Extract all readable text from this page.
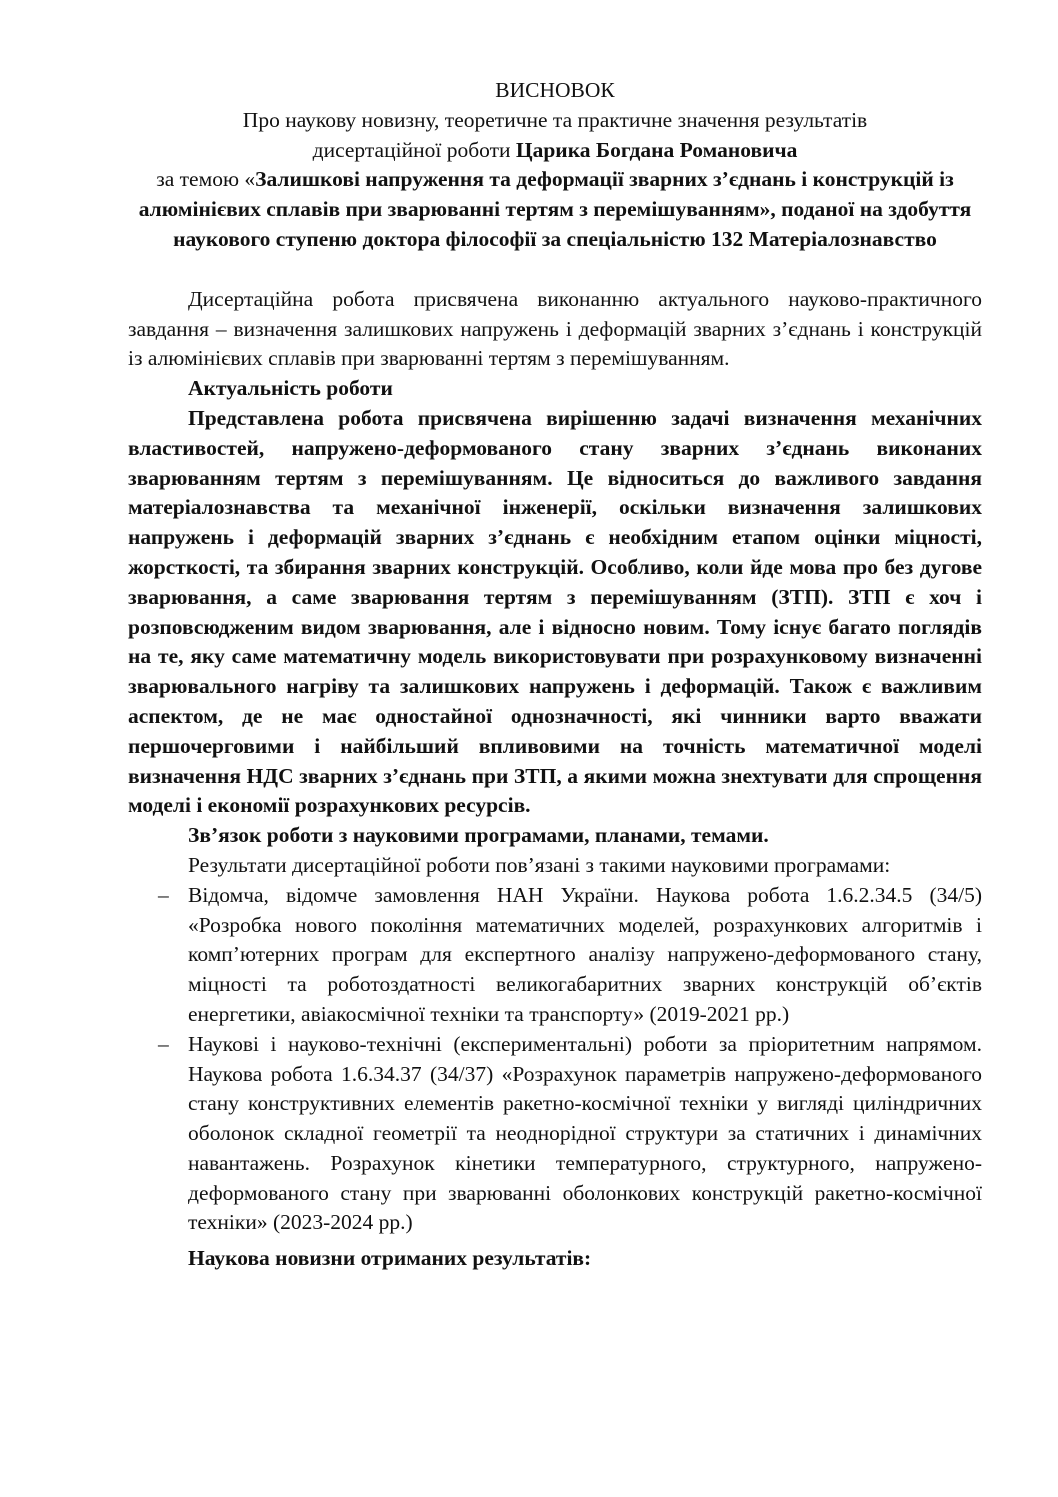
ВИСНОВОК

Про наукову новизну, теоретичне та практичне значення результатів

дисертаційної роботи Царика Богдана Романовича

за темою «Залишкові напруження та деформації зварних з’єднань і конструкцій із алюмінієвих сплавів при зварюванні тертям з перемішуванням», поданої на здобуття наукового ступеню доктора філософії за спеціальністю 132 Матеріалознавство

Дисертаційна робота присвячена виконанню актуального науково-практичного завдання – визначення залишкових напружень і деформацій зварних з’єднань і конструкцій із алюмінієвих сплавів при зварюванні тертям з перемішуванням.

Актуальність роботи

Представлена робота присвячена вирішенню задачі визначення механічних властивостей, напружено-деформованого стану зварних з’єднань виконаних зварюванням тертям з перемішуванням. Це відноситься до важливого завдання матеріалознавства та механічної інженерії, оскільки визначення залишкових напружень і деформацій зварних з’єднань є необхідним етапом оцінки міцності, жорсткості, та збирання зварних конструкцій. Особливо, коли йде мова про без дугове зварювання, а саме зварювання тертям з перемішуванням (ЗТП). ЗТП є хоч і розповсюдженим видом зварювання, але і відносно новим. Тому існує багато поглядів на те, яку саме математичну модель використовувати при розрахунковому визначенні зварювального нагріву та залишкових напружень і деформацій. Також є важливим аспектом, де не має одностайної однозначності, які чинники варто вважати першочерговими і найбільший впливовими на точність математичної моделі визначення НДС зварних з’єднань при ЗТП, а якими можна знехтувати для спрощення моделі і економії розрахункових ресурсів.

Зв’язок роботи з науковими програмами, планами, темами.

Результати дисертаційної роботи пов’язані з такими науковими програмами:

– Відомча, відомче замовлення НАН України. Наукова робота 1.6.2.34.5 (34/5) «Розробка нового покоління математичних моделей, розрахункових алгоритмів і комп’ютерних програм для експертного аналізу напружено-деформованого стану, міцності та роботоздатності великогабаритних зварних конструкцій об’єктів енергетики, авіакосмічної техніки та транспорту» (2019-2021 рр.)
– Наукові і науково-технічні (експериментальні) роботи за пріоритетним напрямом. Наукова робота 1.6.34.37 (34/37) «Розрахунок параметрів напружено-деформованого стану конструктивних елементів ракетно-космічної техніки у вигляді циліндричних оболонок складної геометрії та неоднорідної структури за статичних і динамічних навантажень. Розрахунок кінетики температурного, структурного, напружено-деформованого стану при зварюванні оболонкових конструкцій ракетно-космічної техніки» (2023-2024 рр.)

Наукова новизни отриманих результатів:
